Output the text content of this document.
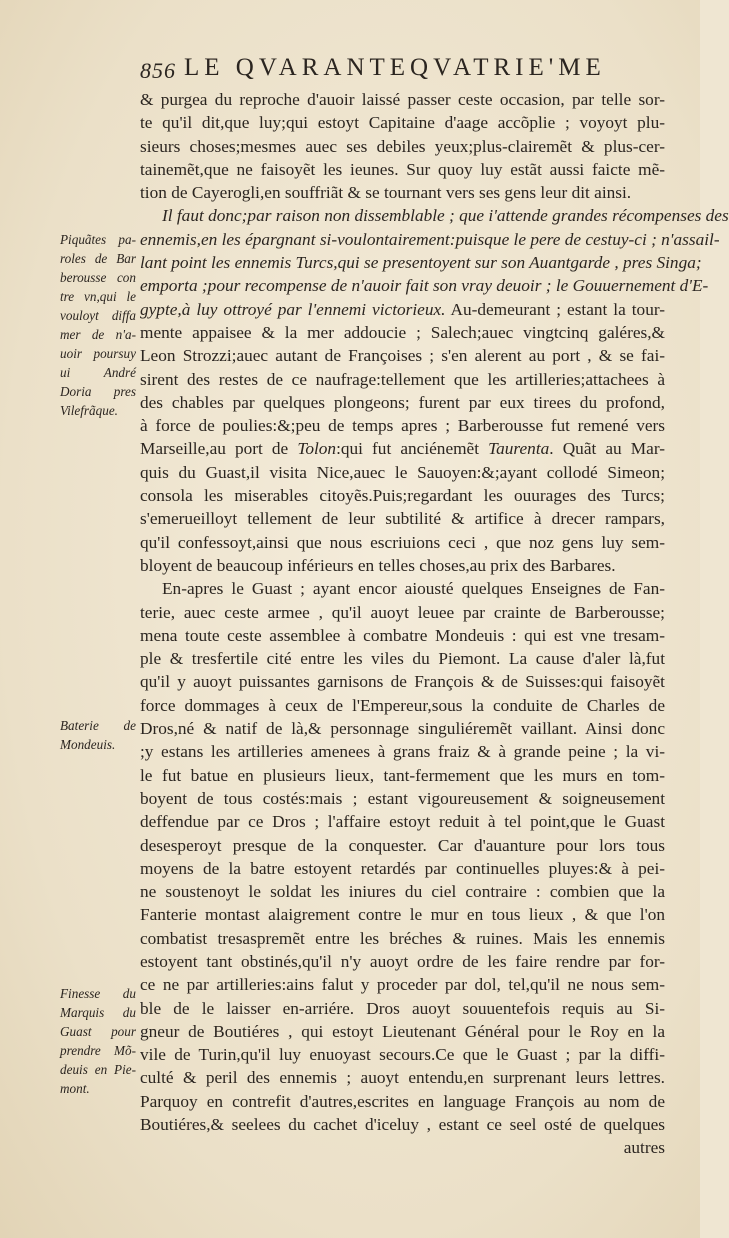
856 LE QVARANTEQVATRIE'ME
& purgea du reproche d'auoir laissé passer ceste occasion, par telle sor-
te qu'il dit,que luy;qui estoyt Capitaine d'aage accõplie ; voyoyt plu-
sieurs choses;mesmes auec ses debiles yeux;plus-clairemẽt & plus-cer-
tainemẽt,que ne faisoyẽt les ieunes. Sur quoy luy estãt aussi faicte mẽ-
tion de Cayerogli,en souffriãt & se tournant vers ses gens leur dit ainsi.
Il faut donc;par raison non dissemblable ; que i'attende grandes récompenses des
ennemis,en les épargnant si-voulontairement:puisque le pere de cestuy-ci ; n'assail-
lant point les ennemis Turcs,qui se presentoyent sur son Auantgarde , pres Singa;
emporta ;pour recompense de n'auoir fait son vray deuoir ; le Gouuernement d'E-
gypte,à luy ottroyé par l'ennemi victorieux. Au-demeurant ; estant la tour-
mente appaisee & la mer addoucie ; Salech;auec vingtcinq galéres,&
Leon Strozzi;auec autant de Françoises ; s'en alerent au port , & se fai-
sirent des restes de ce naufrage:tellement que les artilleries;attachees à
des chables par quelques plongeons; furent par eux tirees du profond,
à force de poulies:&;peu de temps apres ; Barberousse fut remené vers
Marseille,au port de Tolon:qui fut anciénemẽt Taurenta. Quãt au Mar-
quis du Guast,il visita Nice,auec le Sauoyen:&;ayant collodé Simeon;
consola les miserables citoyẽs.Puis;regardant les ouurages des Turcs;
s'emerueilloyt tellement de leur subtilité & artifice à drecer rampars,
qu'il confessoyt,ainsi que nous escriuions ceci , que noz gens luy sem-
bloyent de beaucoup inférieurs en telles choses,au prix des Barbares.
En-apres le Guast ; ayant encor aiousté quelques Enseignes de Fan-
terie, auec ceste armee , qu'il auoyt leuee par crainte de Barberousse;
mena toute ceste assemblee à combatre Mondeuis : qui est vne tresam-
ple & tresfertile cité entre les viles du Piemont. La cause d'aler là,fut
qu'il y auoyt puissantes garnisons de François & de Suisses:qui faisoyẽt
force dommages à ceux de l'Empereur,sous la conduite de Charles de
Dros,né & natif de là,& personnage singuliéremẽt vaillant. Ainsi donc
;y estans les artilleries amenees à grans fraiz & à grande peine ; la vi-
le fut batue en plusieurs lieux, tant-fermement que les murs en tom-
boyent de tous costés:mais ; estant vigoureusement & soigneusement
deffendue par ce Dros ; l'affaire estoyt reduit à tel point,que le Guast
desesperoyt presque de la conquester. Car d'auanture pour lors tous
moyens de la batre estoyent retardés par continuelles pluyes:& à pei-
ne soustenoyt le soldat les iniures du ciel contraire : combien que la
Fanterie montast alaigrement contre le mur en tous lieux , & que l'on
combatist tresaspremẽt entre les bréches & ruines. Mais les ennemis
estoyent tant obstinés,qu'il n'y auoyt ordre de les faire rendre par for-
ce ne par artilleries:ains falut y proceder par dol, tel,qu'il ne nous sem-
ble de le laisser en-arriére. Dros auoyt souuentefois requis au Si-
gneur de Boutiéres , qui estoyt Lieutenant Général pour le Roy en la
vile de Turin,qu'il luy enuoyast secours.Ce que le Guast ; par la diffi-
culté & peril des ennemis ; auoyt entendu,en surprenant leurs lettres.
Parquoy en contrefit d'autres,escrites en language François au nom de
Boutiéres,& seelees du cachet d'iceluy , estant ce seel osté de quelques
autres
Piquãtes pa-
roles de Bar
berousse con
tre vn,qui le
vouloyt diffa
mer de n'a-
uoir poursuy
ui André
Doria pres
Vilefrãque.
Baterie de
Mondeuis.
Finesse du
Marquis du
Guast pour
prendre Mõ-
deuis en Pie-
mont.
